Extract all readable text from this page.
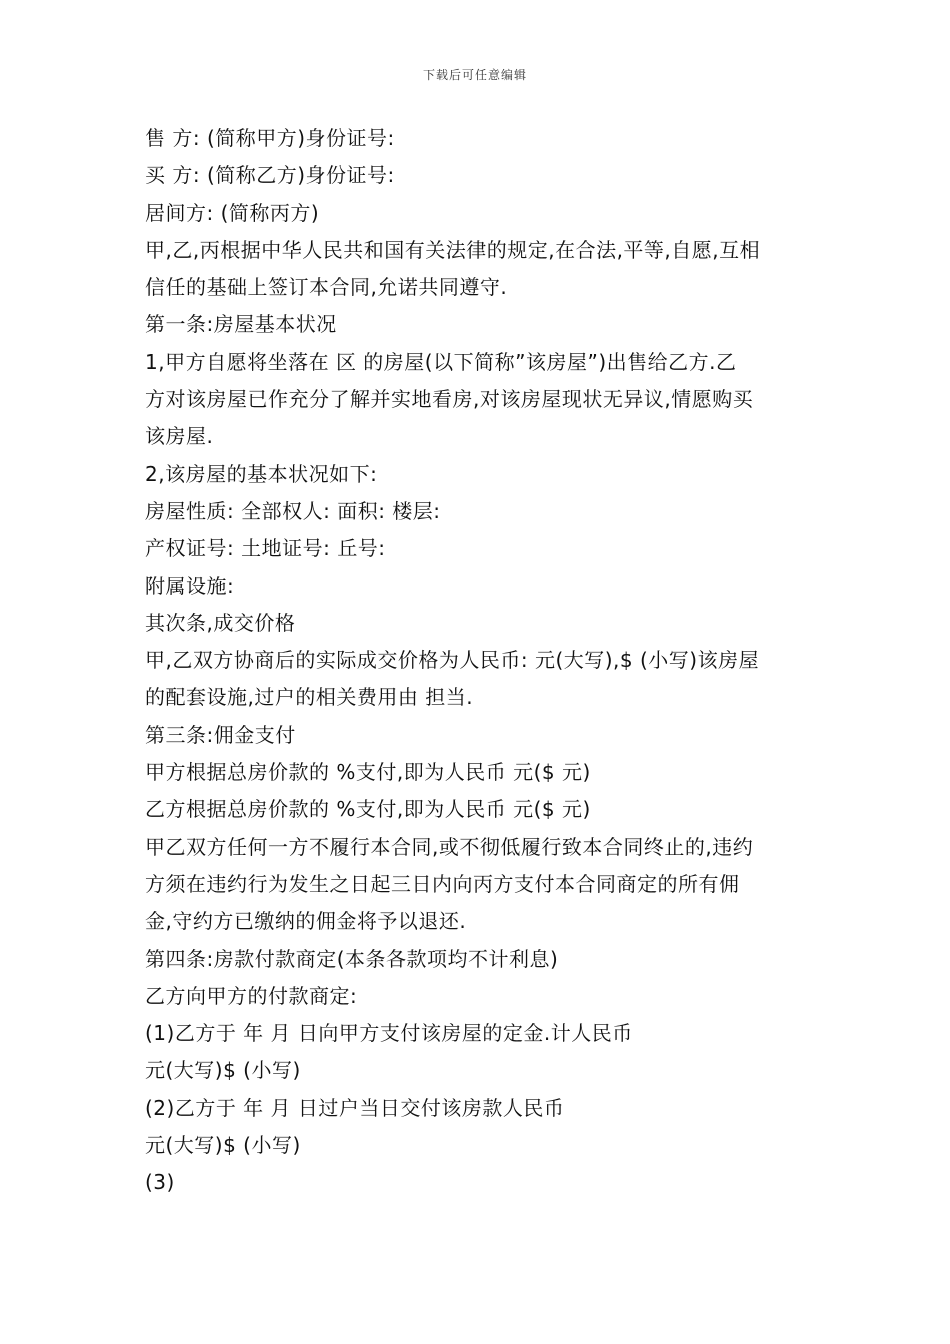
下载后可任意编辑
售 方: (简称甲方)身份证号:
买 方: (简称乙方)身份证号:
居间方: (简称丙方)
甲,乙,丙根据中华人民共和国有关法律的规定,在合法,平等,自愿,互相
信任的基础上签订本合同,允诺共同遵守.
第一条:房屋基本状况
1,甲方自愿将坐落在 区 的房屋(以下简称”该房屋”)出售给乙方.乙
方对该房屋已作充分了解并实地看房,对该房屋现状无异议,情愿购买
该房屋.
2,该房屋的基本状况如下:
房屋性质: 全部权人: 面积: 楼层:
产权证号: 土地证号: 丘号:
附属设施:
其次条,成交价格
甲,乙双方协商后的实际成交价格为人民币: 元(大写),$ (小写)该房屋
的配套设施,过户的相关费用由 担当.
第三条:佣金支付
甲方根据总房价款的 %支付,即为人民币 元($ 元)
乙方根据总房价款的 %支付,即为人民币 元($ 元)
甲乙双方任何一方不履行本合同,或不彻低履行致本合同终止的,违约
方须在违约行为发生之日起三日内向丙方支付本合同商定的所有佣
金,守约方已缴纳的佣金将予以退还.
第四条:房款付款商定(本条各款项均不计利息)
乙方向甲方的付款商定:
(1)乙方于 年 月 日向甲方支付该房屋的定金.计人民币
元(大写)$ (小写)
(2)乙方于 年 月 日过户当日交付该房款人民币
元(大写)$ (小写)
(3)
